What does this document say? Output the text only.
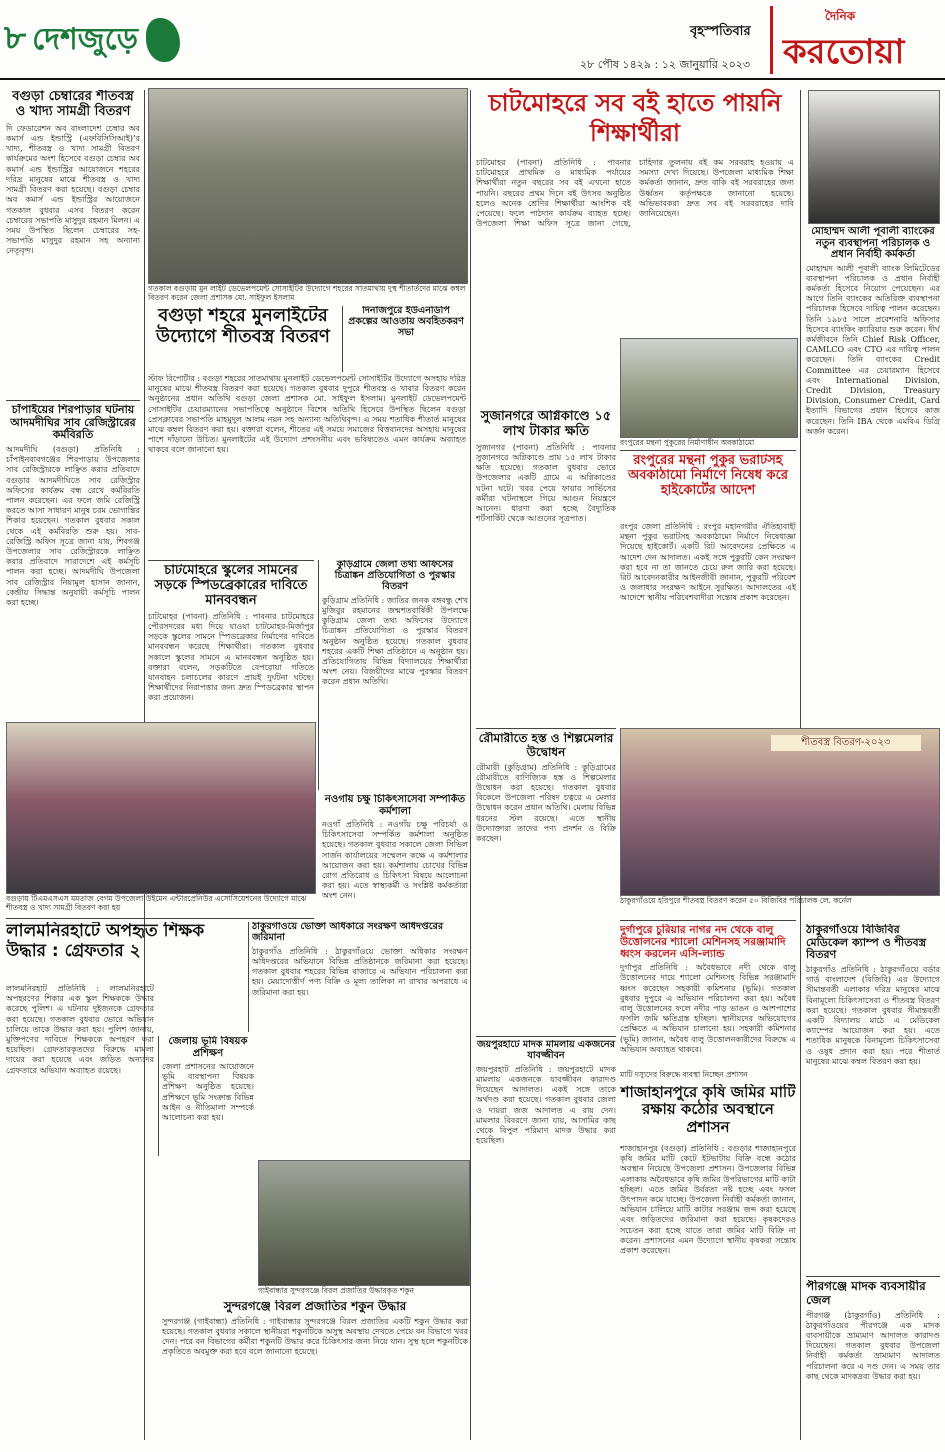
৮ দেশজুড়ে	বৃহস্পতিবার
২৮ পৌষ ১৪২৯ : ১২ জানুয়ারি ২০২৩
দৈনিক
করতোয়া
বগুড়া চেম্বারের শীতবস্ত্র ও খাদ্য সামগ্রী বিতরণ

দি ফেডারেশন অব বাংলাদেশ চেম্বার অব কমার্স এন্ড ইন্ডাস্ট্রি (এফবিসিসিআই)’র খাদ্য, শীতবস্ত্র ও খাদ্য সামগ্রী বিতরণ কার্যক্রমের অংশ হিসেবে বগুড়া চেম্বার অব কমার্স এন্ড ইন্ডাস্ট্রির আয়োজনে শহরের দরিদ্র মানুষের মাঝে শীতবস্ত্র ও খাদ্য সামগ্রী বিতরণ করা হয়েছে। বগুড়া চেম্বার অব কমার্স এন্ড ইন্ডাস্ট্রির আয়োজনে গতকাল বুধবার এসব বিতরণ করেন চেম্বারের সভাপতি মাসুদুর রহমান মিলন। এ সময় উপস্থিত ছিলেন চেম্বারের সহ-সভাপতি মাসুদুর রহমান সহ অন্যান্য নেতৃবৃন্দ।

চাঁপাইয়ের শিরপাড়ার ঘটনায় আদমদীঘির সাব রেজিস্ট্রারের কর্মবিরতি

আদমদীঘি (বগুড়া) প্রতিনিধি : চাঁপাইনবাবগঞ্জের শিরপাড়ায় উপজেলার সাব রেজিস্ট্রারকে লাঞ্ছিত করার প্রতিবাদে বগুড়ার আদমদীঘিতে সাব রেজিস্ট্রার অফিসের কার্যক্রম বন্ধ রেখে কর্মবিরতি পালন করেছেন। এর ফলে জমি রেজিস্ট্রি করতে আসা সাধারণ মানুষ চরম ভোগান্তির শিকার হয়েছেন। গতকাল বুধবার সকাল থেকে এই কর্মবিরতি শুরু হয়। সাব-রেজিস্ট্রি অফিস সূত্রে জানা যায়, শিবগঞ্জ উপজেলার সাব রেজিস্ট্রারকে লাঞ্ছিত করার প্রতিবাদে সারাদেশে এই কর্মসূচি পালন করা হচ্ছে। আদমদীঘি উপজেলা সাব রেজিস্ট্রার নিয়ামুল হাসান জানান, কেন্দ্রীয় সিদ্ধান্ত অনুযায়ী কর্মসূচি পালন করা হচ্ছে।

গতকাল বগুড়ায় মুন লাইট ডেভেলপমেন্ট সোসাইটির উদ্যোগে শহরের সাতমাথায় দুস্থ শীতার্তদের মাঝে কম্বল বিতরণ করেন জেলা প্রশাসক মো. সাইফুল ইসলাম
বগুড়া শহরে মুনলাইটের উদ্যোগে শীতবস্ত্র বিতরণ

স্টাফ রিপোর্টার : বগুড়া শহরের সাতমাথায় মুনলাইট ডেভেলপমেন্ট সোসাইটির উদ্যোগে অসহায় দরিদ্র মানুষের মাঝে শীতবস্ত্র বিতরণ করা হয়েছে। গতকাল বুধবার দুপুরে শীতবস্ত্র ও খাবার বিতরণ করেন অনুষ্ঠানের প্রধান অতিথি বগুড়া জেলা প্রশাসক মো. সাইফুল ইসলাম। মুনলাইট ডেভেলপমেন্ট সোসাইটির চেয়ারম্যানের সভাপতিত্বে অনুষ্ঠানে বিশেষ অতিথি হিসেবে উপস্থিত ছিলেন বগুড়া প্রেসক্লাবের সভাপতি মাহমুদুল আলম নয়ন সহ অন্যান্য অতিথিবৃন্দ। এ সময় শতাধিক শীতার্ত মানুষের মাঝে কম্বল বিতরণ করা হয়। বক্তারা বলেন, শীতের এই সময়ে সমাজের বিত্তবানদের অসহায় মানুষের পাশে দাঁড়ানো উচিত। মুনলাইটের এই উদ্যোগ প্রশংসনীয় এবং ভবিষ্যতেও এমন কার্যক্রম অব্যাহত থাকবে বলে জানানো হয়।

দিনাজপুরে ইউএনডিপি প্রকল্পের আওতায় অবহিতকরণ সভা
চাটমোহরে স্কুলের সামনের সড়কে স্পিডব্রেকারের দাবিতে মানববন্ধন

চাটমোহর (পাবনা) প্রতিনিধি : পাবনার চাটমোহরে পৌরসদরের মধ্য দিয়ে যাওয়া চাটমোহর-মির্জাপুর সড়কে স্কুলের সামনে স্পিডব্রেকার নির্মাণের দাবিতে মানববন্ধন করেছে শিক্ষার্থীরা। গতকাল বুধবার সকালে স্কুলের সামনে এ মানববন্ধন অনুষ্ঠিত হয়। বক্তারা বলেন, সড়কটিতে বেপরোয়া গতিতে যানবাহন চলাচলের কারণে প্রায়ই দুর্ঘটনা ঘটছে। শিক্ষার্থীদের নিরাপত্তার জন্য দ্রুত স্পিডব্রেকার স্থাপন করা প্রয়োজন।

কুড়িগ্রামে জেলা তথ্য অফিসের চিত্রাঙ্কন প্রতিযোগিতা ও পুরস্কার বিতরণ

কুড়িগ্রাম প্রতিনিধি : জাতির জনক বঙ্গবন্ধু শেখ মুজিবুর রহমানের জন্মশতবার্ষিকী উপলক্ষে কুড়িগ্রাম জেলা তথ্য অফিসের উদ্যোগে চিত্রাঙ্কন প্রতিযোগিতা ও পুরস্কার বিতরণ অনুষ্ঠান অনুষ্ঠিত হয়েছে। গতকাল বুধবার শহরের একটি শিক্ষা প্রতিষ্ঠানে এ অনুষ্ঠান হয়। প্রতিযোগিতায় বিভিন্ন বিদ্যালয়ের শিক্ষার্থীরা অংশ নেয়। বিজয়ীদের মাঝে পুরস্কার বিতরণ করেন প্রধান অতিথি।

বগুড়ায় টিএমএসএস মমতাজ বেগম উপজেলা উইমেন এন্টারপ্রেনিউর এসোসিয়েশনের উদ্যোগে মাঝে শীতবস্ত্র ও খাদ্য সামগ্রী বিতরণ করা হয়
নওগাঁয় চক্ষু চিকিৎসাসেবা সম্পর্কিত কর্মশালা

নওগাঁ প্রতিনিধি : নওগাঁয় চক্ষু পরিচর্যা ও চিকিৎসাসেবা সম্পর্কিত কর্মশালা অনুষ্ঠিত হয়েছে। গতকাল বুধবার সকালে জেলা সিভিল সার্জন কার্যালয়ের সম্মেলন কক্ষে এ কর্মশালার আয়োজন করা হয়। কর্মশালায় চোখের বিভিন্ন রোগ প্রতিরোধ ও চিকিৎসা বিষয়ে আলোচনা করা হয়। এতে স্বাস্থ্যকর্মী ও সংশ্লিষ্ট কর্মকর্তারা অংশ নেন।

লালমনিরহাটে অপহৃত শিক্ষক উদ্ধার : গ্রেফতার ২

লালমনিরহাট প্রতিনিধি : লালমনিরহাটে অপহরণের শিকার এক স্কুল শিক্ষককে উদ্ধার করেছে পুলিশ। এ ঘটনায় দুইজনকে গ্রেফতার করা হয়েছে। গতকাল বুধবার ভোরে অভিযান চালিয়ে তাকে উদ্ধার করা হয়। পুলিশ জানায়, মুক্তিপণের দাবিতে শিক্ষককে অপহরণ করা হয়েছিল। গ্রেফতারকৃতদের বিরুদ্ধে মামলা দায়ের করা হয়েছে এবং জড়িত অন্যদের গ্রেফতারে অভিযান অব্যাহত রয়েছে।

ঠাকুরগাঁওয়ে ভোক্তা অধিকারে সংরক্ষণ অধিদপ্তরের জরিমানা

ঠাকুরগাঁও প্রতিনিধি : ঠাকুরগাঁওয়ে ভোক্তা অধিকার সংরক্ষণ অধিদপ্তরের অভিযানে বিভিন্ন প্রতিষ্ঠানকে জরিমানা করা হয়েছে। গতকাল বুধবার শহরের বিভিন্ন বাজারে এ অভিযান পরিচালনা করা হয়। মেয়াদোত্তীর্ণ পণ্য বিক্রি ও মূল্য তালিকা না রাখার অপরাধে এ জরিমানা করা হয়।

জেলায় ভূমি বিষয়ক প্রশিক্ষণ

জেলা প্রশাসনের আয়োজনে ভূমি ব্যবস্থাপনা বিষয়ক প্রশিক্ষণ অনুষ্ঠিত হয়েছে। প্রশিক্ষণে ভূমি সংক্রান্ত বিভিন্ন আইন ও নীতিমালা সম্পর্কে আলোচনা করা হয়।

গাইবান্ধার সুন্দরগঞ্জে বিরল প্রজাতির উদ্ধারকৃত শকুন
সুন্দরগঞ্জে বিরল প্রজাতির শকুন উদ্ধার

সুন্দরগঞ্জ (গাইবান্ধা) প্রতিনিধি : গাইবান্ধার সুন্দরগঞ্জে বিরল প্রজাতির একটি শকুন উদ্ধার করা হয়েছে। গতকাল বুধবার সকালে স্থানীয়রা শকুনটিকে অসুস্থ অবস্থায় দেখতে পেয়ে বন বিভাগে খবর দেন। পরে বন বিভাগের কর্মীরা শকুনটি উদ্ধার করে চিকিৎসার জন্য নিয়ে যান। সুস্থ হলে শকুনটিকে প্রকৃতিতে অবমুক্ত করা হবে বলে জানানো হয়েছে।

চাটমোহরে সব বই হাতে পায়নি শিক্ষার্থীরা

চাটমোহর (পাবনা) প্রতিনিধি : পাবনার চাটমোহরে প্রাথমিক ও মাধ্যমিক পর্যায়ের শিক্ষার্থীরা নতুন বছরের সব বই এখনো হাতে পায়নি। বছরের প্রথম দিনে বই উৎসব অনুষ্ঠিত হলেও অনেক শ্রেণির শিক্ষার্থীরা আংশিক বই পেয়েছে। ফলে পাঠদান কার্যক্রম ব্যাহত হচ্ছে। উপজেলা শিক্ষা অফিস সূত্রে জানা গেছে, চাহিদার তুলনায় বই কম সরবরাহ হওয়ায় এ সমস্যা দেখা দিয়েছে। উপজেলা মাধ্যমিক শিক্ষা কর্মকর্তা জানান, দ্রুত বাকি বই সরবরাহের জন্য উর্ধ্বতন কর্তৃপক্ষকে জানানো হয়েছে। অভিভাবকরা দ্রুত সব বই সরবরাহের দাবি জানিয়েছেন।

রংপুরের মন্থনা পুকুরের নির্মাণাধীন অবকাঠামো
সুজানগরে অগ্নিকাণ্ডে ১৫ লাখ টাকার ক্ষতি

সুজানগর (পাবনা) প্রতিনিধি : পাবনার সুজানগরে অগ্নিকাণ্ডে প্রায় ১৫ লাখ টাকার ক্ষতি হয়েছে। গতকাল বুধবার ভোরে উপজেলার একটি গ্রামে এ অগ্নিকাণ্ডের ঘটনা ঘটে। খবর পেয়ে ফায়ার সার্ভিসের কর্মীরা ঘটনাস্থলে গিয়ে আগুন নিয়ন্ত্রণে আনেন। ধারণা করা হচ্ছে বৈদ্যুতিক শর্টসার্কিট থেকে আগুনের সূত্রপাত।

রংপুরের মন্থনা পুকুর ভরাটসহ অবকাঠামো নির্মাণে নিষেধ করে হাইকোর্টের আদেশ

রংপুর জেলা প্রতিনিধি : রংপুর মহানগরীর ঐতিহ্যবাহী মন্থনা পুকুর ভরাটসহ অবকাঠামো নির্মাণে নিষেধাজ্ঞা দিয়েছে হাইকোর্ট। একটি রিট আবেদনের প্রেক্ষিতে এ আদেশ দেন আদালত। একই সঙ্গে পুকুরটি কেন সংরক্ষণ করা হবে না তা জানতে চেয়ে রুল জারি করা হয়েছে। রিট আবেদনকারীর আইনজীবী জানান, পুকুরটি পরিবেশ ও জলাধার সংরক্ষণ আইনে সুরক্ষিত। আদালতের এই আদেশে স্থানীয় পরিবেশবাদীরা সন্তোষ প্রকাশ করেছেন।

মোহাম্মদ আলী পূবালী ব্যাংকের নতুন ব্যবস্থাপনা পরিচালক ও প্রধান নির্বাহী কর্মকর্তা

মোহাম্মদ আলী পূবালী ব্যাংক লিমিটেডের ব্যবস্থাপনা পরিচালক ও প্রধান নির্বাহী কর্মকর্তা হিসেবে নিয়োগ পেয়েছেন। এর আগে তিনি ব্যাংকের অতিরিক্ত ব্যবস্থাপনা পরিচালক হিসেবে দায়িত্ব পালন করেছেন। তিনি ১৯৮৫ সালে প্রবেশনারি অফিসার হিসেবে ব্যাংকিং ক্যারিয়ার শুরু করেন। দীর্ঘ কর্মজীবনে তিনি Chief Risk Officer, CAMLCO এবং CTO এর দায়িত্ব পালন করেছেন। তিনি ব্যাংকের Credit Committee এর চেয়ারম্যান হিসেবে এবং International Division, Credit Division, Treasury Division, Consumer Credit, Card ইত্যাদি বিভাগের প্রধান হিসেবে কাজ করেছেন। তিনি IBA থেকে এমবিএ ডিগ্রি অর্জন করেন।

রৌমারীতে হস্ত ও শিল্পমেলার উদ্বোধন

রৌমারী (কুড়িগ্রাম) প্রতিনিধি : কুড়িগ্রামের রৌমারীতে বাণিজ্যিক হস্ত ও শিল্পমেলার উদ্বোধন করা হয়েছে। গতকাল বুধবার বিকেলে উপজেলা পরিষদ চত্বরে এ মেলার উদ্বোধন করেন প্রধান অতিথি। মেলায় বিভিন্ন ধরনের স্টল রয়েছে। এতে স্থানীয় উদ্যোক্তারা তাদের পণ্য প্রদর্শন ও বিক্রি করছেন।

শীতবস্ত্র বিতরণ-২০২৩
ঠাকুরগাঁওয়ে হরিপুরে শীতবস্ত্র বিতরণ করেন ৫০ বিজিবির পরিচালক লে. কর্নেল
দুর্গাপুরে চুরিয়ার নাগর নদ থেকে বালু উত্তোলনের শ্যালো মেশিনসহ সরঞ্জামাদি ধ্বংস করলেন এসি-ল্যান্ড

দুর্গাপুর প্রতিনিধি : অবৈধভাবে নদী থেকে বালু উত্তোলনের দায়ে শ্যালো মেশিনসহ বিভিন্ন সরঞ্জামাদি ধ্বংস করেছেন সহকারী কমিশনার (ভূমি)। গতকাল বুধবার দুপুরে এ অভিযান পরিচালনা করা হয়। অবৈধ বালু উত্তোলনের ফলে নদীর পাড় ভাঙন ও আশপাশের ফসলি জমি ক্ষতিগ্রস্ত হচ্ছিল। স্থানীয়দের অভিযোগের প্রেক্ষিতে এ অভিযান চালানো হয়। সহকারী কমিশনার (ভূমি) জানান, অবৈধ বালু উত্তোলনকারীদের বিরুদ্ধে এ অভিযান অব্যাহত থাকবে।

ঠাকুরগাঁওয়ে বিজিবির মেডিকেল ক্যাম্প ও শীতবস্ত্র বিতরণ

ঠাকুরগাঁও প্রতিনিধি : ঠাকুরগাঁওয়ে বর্ডার গার্ড বাংলাদেশ (বিজিবি) এর উদ্যোগে সীমান্তবর্তী এলাকার দরিদ্র মানুষের মাঝে বিনামূল্যে চিকিৎসাসেবা ও শীতবস্ত্র বিতরণ করা হয়েছে। গতকাল বুধবার সীমান্তবর্তী একটি বিদ্যালয় মাঠে এ মেডিকেল ক্যাম্পের আয়োজন করা হয়। এতে শতাধিক মানুষকে বিনামূল্যে চিকিৎসাসেবা ও ওষুধ প্রদান করা হয়। পরে শীতার্ত মানুষের মাঝে কম্বল বিতরণ করা হয়।

পীরগঞ্জে মাদক ব্যবসায়ীর জেল

পীরগঞ্জ (ঠাকুরগাঁও) প্রতিনিধি : ঠাকুরগাঁওয়ের পীরগঞ্জে এক মাদক ব্যবসায়ীকে ভ্রাম্যমাণ আদালত কারাদণ্ড দিয়েছেন। গতকাল বুধবার উপজেলা নির্বাহী কর্মকর্তা ভ্রাম্যমাণ আদালত পরিচালনা করে এ দণ্ড দেন। এ সময় তার কাছ থেকে মাদকদ্রব্য উদ্ধার করা হয়।

জয়পুরহাটে মাদক মামলায় একজনের যাবজ্জীবন

জয়পুরহাট প্রতিনিধি : জয়পুরহাটে মাদক মামলায় একজনকে যাবজ্জীবন কারাদণ্ড দিয়েছেন আদালত। একই সঙ্গে তাকে অর্থদণ্ড করা হয়েছে। গতকাল বুধবার জেলা ও দায়রা জজ আদালত এ রায় দেন। মামলার বিবরণে জানা যায়, আসামির কাছ থেকে বিপুল পরিমাণ মাদক উদ্ধার করা হয়েছিল।

মাটি দস্যুদের বিরুদ্ধে ব্যবস্থা নিচ্ছেন প্রশাসন
শাজাহানপুরে কৃষি জমির মাটি রক্ষায় কঠোর অবস্থানে প্রশাসন

শাজাহানপুর (বগুড়া) প্রতিনিধি : বগুড়ার শাজাহানপুরে কৃষি জমির মাটি কেটে ইটভাটায় বিক্রি বন্ধে কঠোর অবস্থান নিয়েছে উপজেলা প্রশাসন। উপজেলার বিভিন্ন এলাকায় অবৈধভাবে কৃষি জমির উপরিভাগের মাটি কাটা হচ্ছিল। এতে জমির উর্বরতা নষ্ট হচ্ছে এবং ফসল উৎপাদন কমে যাচ্ছে। উপজেলা নির্বাহী কর্মকর্তা জানান, অভিযান চালিয়ে মাটি কাটার সরঞ্জাম জব্দ করা হয়েছে এবং জড়িতদের জরিমানা করা হয়েছে। কৃষকদেরও সচেতন করা হচ্ছে যাতে তারা জমির মাটি বিক্রি না করেন। প্রশাসনের এমন উদ্যোগে স্থানীয় কৃষকরা সন্তোষ প্রকাশ করেছেন।
